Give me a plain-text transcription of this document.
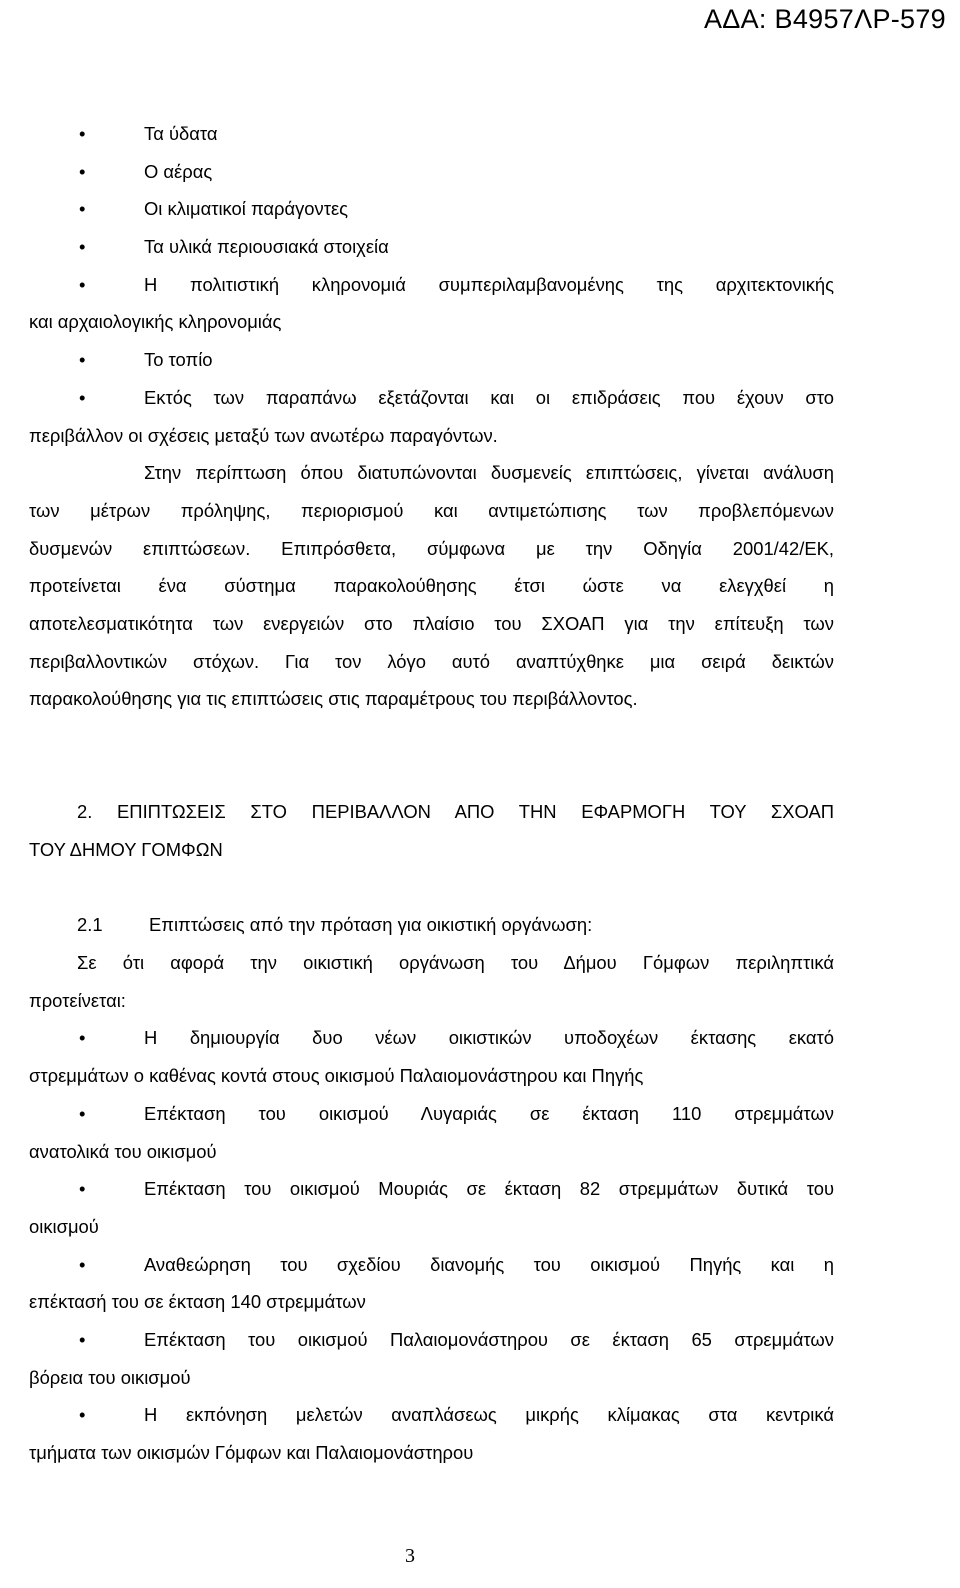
ΑΔΑ: Β4957ΛΡ-579
•	Τα ύδατα
•	Ο αέρας
•	Οι κλιματικοί παράγοντες
•	Τα υλικά περιουσιακά στοιχεία
•	Η πολιτιστική κληρονομιά συμπεριλαμβανομένης της αρχιτεκτονικής
και αρχαιολογικής κληρονομιάς
•	Το τοπίο
•	Εκτός των παραπάνω εξετάζονται και οι επιδράσεις που έχουν στο
περιβάλλον οι σχέσεις μεταξύ των ανωτέρω παραγόντων.
Στην περίπτωση όπου διατυπώνονται δυσμενείς επιπτώσεις, γίνεται ανάλυση
των μέτρων πρόληψης, περιορισμού και αντιμετώπισης των προβλεπόμενων
δυσμενών επιπτώσεων. Επιπρόσθετα, σύμφωνα με την Οδηγία 2001/42/ΕΚ,
προτείνεται ένα σύστημα παρακολούθησης έτσι ώστε να ελεγχθεί η
αποτελεσματικότητα των ενεργειών στο πλαίσιο του ΣΧΟΑΠ για την επίτευξη των
περιβαλλοντικών στόχων. Για τον λόγο αυτό αναπτύχθηκε μια σειρά δεικτών
παρακολούθησης για τις επιπτώσεις στις παραμέτρους του περιβάλλοντος.
2. ΕΠΙΠΤΩΣΕΙΣ ΣΤΟ ΠΕΡΙΒΑΛΛΟΝ ΑΠΟ ΤΗΝ ΕΦΑΡΜΟΓΗ ΤΟΥ ΣΧΟΑΠ
ΤΟΥ ΔΗΜΟΥ ΓΟΜΦΩΝ
2.1	Επιπτώσεις από την πρόταση για οικιστική οργάνωση:
Σε ότι αφορά την οικιστική οργάνωση του Δήμου Γόμφων περιληπτικά
προτείνεται:
•	Η δημιουργία δυο νέων οικιστικών υποδοχέων έκτασης εκατό
στρεμμάτων ο καθένας κοντά στους οικισμού Παλαιομονάστηρου και Πηγής
•	Επέκταση του οικισμού Λυγαριάς σε έκταση 110 στρεμμάτων
ανατολικά του οικισμού
•	Επέκταση του οικισμού Μουριάς σε έκταση 82 στρεμμάτων δυτικά του
οικισμού
•	Αναθεώρηση του σχεδίου διανομής του οικισμού Πηγής και η
επέκτασή του σε έκταση 140 στρεμμάτων
•	Επέκταση του οικισμού Παλαιομονάστηρου σε έκταση 65 στρεμμάτων
βόρεια του οικισμού
•	Η εκπόνηση μελετών αναπλάσεως μικρής κλίμακας στα κεντρικά
τμήματα των οικισμών Γόμφων και Παλαιομονάστηρου
3
